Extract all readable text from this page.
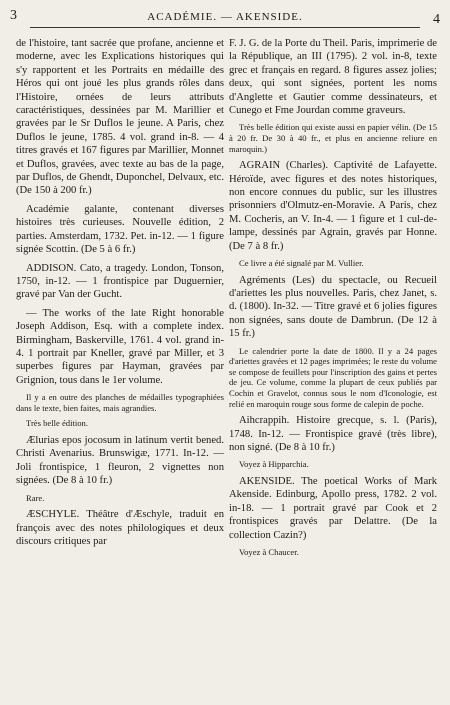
3	ACADÉMIE. — AKENSIDE.	4

de l'histoire, tant sacrée que profane, ancienne et moderne, avec les Explications historiques qui s'y rapportent et les Portraits en médaille des Héros qui ont joué les plus grands rôles dans l'Histoire, ornées de leurs attributs caractéristiques, dessinées par M. Marillier et gravées par le Sr Duflos le jeune. A Paris, chez Duflos le jeune, 1785. 4 vol. grand in-8. — 4 titres gravés et 167 figures par Marillier, Monnet et Duflos, gravées, avec texte au bas de la page, par Duflos, de Ghendt, Duponchel, Delvaux, etc. (De 150 à 200 fr.)

Académie galante, contenant diverses histoires très curieuses. Nouvelle édition, 2 parties. Amsterdam, 1732. Pet. in-12. — 1 figure signée Scottin. (De 5 à 6 fr.)

ADDISON. Cato, a tragedy. London, Tonson, 1750, in-12. — 1 frontispice par Duguernier, gravé par Van der Gucht.

— The works of the late Right honorable Joseph Addison, Esq. with a complete index. Birmingham, Baskerville, 1761. 4 vol. grand in-4. 1 portrait par Kneller, gravé par Miller, et 3 superbes figures par Hayman, gravées par Grignion, tous dans le 1er volume.

Il y a en outre des planches de médailles typographiées dans le texte, bien faites, mais agrandies.

Très belle édition.

Ælurias epos jocosum in latinum vertit bened. Christi Avenarius. Brunswigæ, 1771. In-12. — Joli frontispice, 1 fleuron, 2 vignettes non signées. (De 8 à 10 fr.)

Rare.

ÆSCHYLE. Théâtre d'Æschyle, traduit en françois avec des notes philologiques et deux discours critiques par

F. J. G. de la Porte du Theil. Paris, imprimerie de la République, an III (1795). 2 vol. in-8, texte grec et français en regard. 8 figures assez jolies; deux, qui sont signées, portent les noms d'Anglette et Gautier comme dessinateurs, et Cunego et Fme Jourdan comme graveurs.

Très belle édition qui existe aussi en papier vélin. (De 15 à 20 fr. De 30 à 40 fr., et plus en ancienne reliure en maroquin.)

AGRAIN (Charles). Captivité de Lafayette. Héroïde, avec figures et des notes historiques, non encore connues du public, sur les illustres prisonniers d'Olmutz-en-Moravie. A Paris, chez M. Cocheris, an V. In-4. — 1 figure et 1 cul-de-lampe, dessinés par Agrain, gravés par Honne. (De 7 à 8 fr.)

Ce livre a été signalé par M. Vullier.

Agréments (Les) du spectacle, ou Recueil d'ariettes les plus nouvelles. Paris, chez Janet, s. d. (1800). In-32. — Titre gravé et 6 jolies figures non signées, sans doute de Dambrun. (De 12 à 15 fr.)

Le calendrier porte la date de 1800. Il y a 24 pages d'ariettes gravées et 12 pages imprimées; le reste du volume se compose de feuillets pour l'inscription des gains et pertes de jeu. Ce volume, comme la plupart de ceux publiés par Cochin et Gravelot, connus sous le nom d'Iconologie, est relié en maroquin rouge sous forme de calepin de poche.

Aihcrappih. Histoire grecque, s. l. (Paris), 1748. In-12. — Frontispice gravé (très libre), non signé. (De 8 à 10 fr.)

Voyez à Hipparchia.

AKENSIDE. The poetical Works of Mark Akenside. Edinburg, Apollo press, 1782. 2 vol. in-18. — 1 portrait gravé par Cook et 2 frontispices gravés par Delattre. (De la collection Cazin?)

Voyez à Chaucer.
